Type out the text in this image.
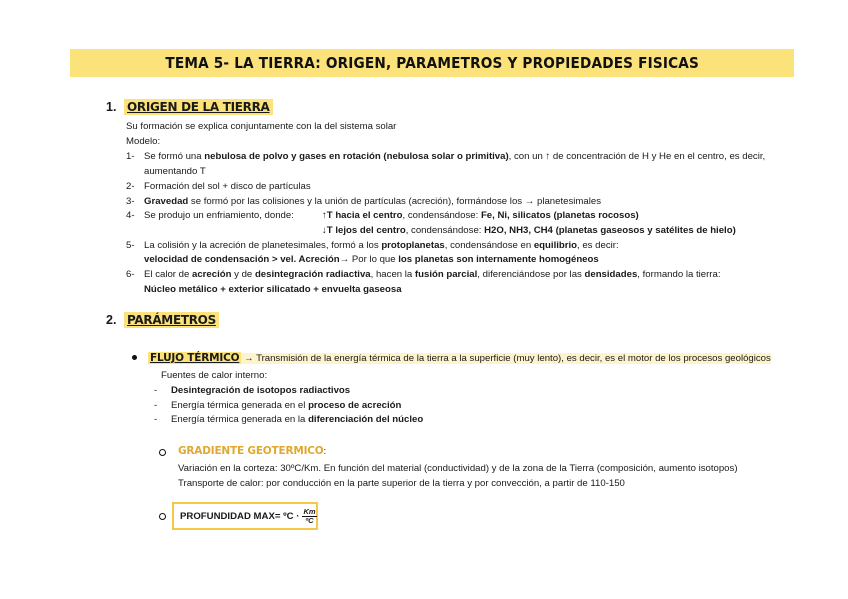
TEMA 5- LA TIERRA: ORIGEN, PARAMETROS Y PROPIEDADES FISICAS
1. ORIGEN DE LA TIERRA
Su formación se explica conjuntamente con la del sistema solar
Modelo:
1- Se formó una nebulosa de polvo y gases en rotación (nebulosa solar o primitiva), con un ↑ de concentración de H y He en el centro, es decir,
aumentando T
2- Formación del sol + disco de partículas
3- Gravedad se formó por las colisiones y la unión de partículas (acreción), formándose los → planetesimales
4- Se produjo un enfriamiento, donde:	↑T hacia el centro, condensándose: Fe, Ni, silicatos (planetas rocosos)
↓T lejos del centro, condensándose: H2O, NH3, CH4 (planetas gaseosos y satélites de hielo)
5- La colisión y la acreción de planetesimales, formó a los protoplanetas, condensándose en equilibrio, es decir:
velocidad de condensación > vel. Acreción→ Por lo que los planetas son internamente homogéneos
6- El calor de acreción y de desintegración radiactiva, hacen la fusión parcial, diferenciándose por las densidades, formando la tierra:
Núcleo metálico + exterior silicatado + envuelta gaseosa
2. PARÁMETROS
FLUJO TÉRMICO → Transmisión de la energía térmica de la tierra a la superficie (muy lento), es decir, es el motor de los procesos geológicos
Fuentes de calor interno:
- Desintegración de isotopos radiactivos
- Energía térmica generada en el proceso de acreción
- Energía térmica generada en la diferenciación del núcleo
GRADIENTE GEOTERMICO:
Variación en la corteza: 30ºC/Km. En función del material (conductividad) y de la zona de la Tierra (composición, aumento isotopos)
Transporte de calor: por conducción en la parte superior de la tierra y por convección, a partir de 110-150
PROFUNDIDAD MAX= ºC · $\frac{Km}{\text{ºC}}$
